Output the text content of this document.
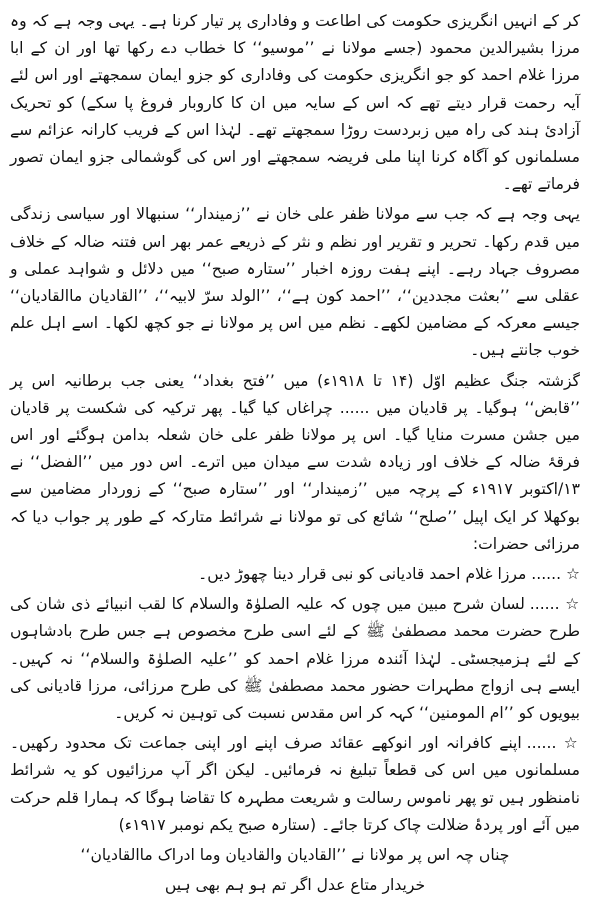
کر کے انہیں انگریزی حکومت کی اطاعت و وفاداری پر تیار کرنا ہے۔ یہی وجہ ہے کہ وہ مرزا بشیرالدین محمود (جسے مولانا نے ’’موسیو‘‘ کا خطاب دے رکھا تھا اور ان کے ابا مرزا غلام احمد کو جو انگریزی حکومت کی وفاداری کو جزو ایمان سمجھتے اور اس لئے آیہ رحمت قرار دیتے تھے کہ اس کے سایہ میں ان کا کاروبار فروغ پا سکے) کو تحریک آزادیٔ ہند کی راہ میں زبردست روڑا سمجھتے تھے۔ لہٰذا اس کے فریب کارانہ عزائم سے مسلمانوں کو آگاہ کرنا اپنا ملی فریضہ سمجھتے اور اس کی گوشمالی جزو ایمان تصور فرماتے تھے۔

یہی وجہ ہے کہ جب سے مولانا ظفر علی خان نے ’’زمیندار‘‘ سنبھالا اور سیاسی زندگی میں قدم رکھا۔ تحریر و تقریر اور نظم و نثر کے ذریعے عمر بھر اس فتنہ ضالہ کے خلاف مصروف جہاد رہے۔ اپنے ہفت روزہ اخبار ’’ستارہ صبح‘‘ میں دلائل و شواہد عملی و عقلی سے ’’بعثت مجددین‘‘، ’’احمد کون ہے‘‘، ’’الولد سرّ لابیہ‘‘، ’’القادیان ماالقادیان‘‘ جیسے معرکہ کے مضامین لکھے۔ نظم میں اس پر مولانا نے جو کچھ لکھا۔ اسے اہل علم خوب جانتے ہیں۔

گزشتہ جنگ عظیم اوّل (۱۴ تا ۱۹۱۸ء) میں ’’فتح بغداد‘‘ یعنی جب برطانیہ اس پر ’’قابض‘‘ ہوگیا۔ پر قادیان میں ...... چراغاں کیا گیا۔ پھر ترکیہ کی شکست پر قادیان میں جشن مسرت منایا گیا۔ اس پر مولانا ظفر علی خان شعلہ بدامن ہوگئے اور اس فرقۂ ضالہ کے خلاف اور زیادہ شدت سے میدان میں اترے۔ اس دور میں ’’الفضل‘‘ نے ۱۳/اکتوبر ۱۹۱۷ء کے پرچہ میں ’’زمیندار‘‘ اور ’’ستارہ صبح‘‘ کے زوردار مضامین سے بوکھلا کر ایک اپیل ’’صلح‘‘ شائع کی تو مولانا نے شرائط متارکہ کے طور پر جواب دیا کہ مرزائی حضرات:

☆ ...... مرزا غلام احمد قادیانی کو نبی قرار دینا چھوڑ دیں۔

☆ ...... لسان شرح مبین میں چوں کہ علیہ الصلوٰۃ والسلام کا لقب انبیائے ذی شان کی طرح حضرت محمد مصطفیٰ ﷺ کے لئے اسی طرح مخصوص ہے جس طرح بادشاہوں کے لئے ہزمیجسٹی۔ لہٰذا آئندہ مرزا غلام احمد کو ’’علیہ الصلوٰۃ والسلام‘‘ نہ کہیں۔ ایسے ہی ازواج مطہرات حضور محمد مصطفیٰ ﷺ کی طرح مرزائی، مرزا قادیانی کی بیویوں کو ’’ام المومنین‘‘ کہہ کر اس مقدس نسبت کی توہین نہ کریں۔

☆ ...... اپنے کافرانہ اور انوکھے عقائد صرف اپنے اور اپنی جماعت تک محدود رکھیں۔ مسلمانوں میں اس کی قطعاً تبلیغ نہ فرمائیں۔ لیکن اگر آپ مرزائیوں کو یہ شرائط نامنظور ہیں تو پھر ناموس رسالت و شریعت مطہرہ کا تقاضا ہوگا کہ ہمارا قلم حرکت میں آئے اور پردۂ ضلالت چاک کرتا جائے۔ (ستارہ صبح یکم نومبر ۱۹۱۷ء)

چناں چہ اس پر مولانا نے ’’القادیان والقادیان وما ادراک ماالقادیان‘‘

خریدار متاع عدل اگر تم ہو ہم بھی ہیں
